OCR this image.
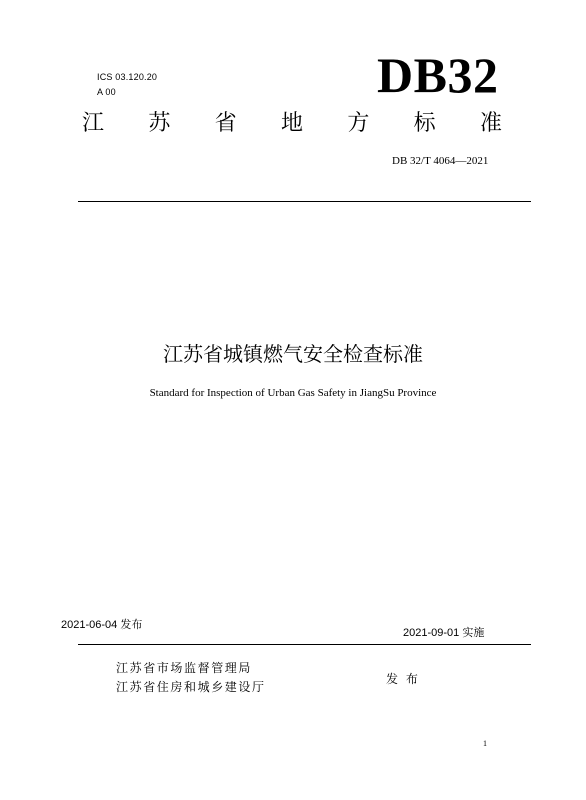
ICS 03.120.20
A 00	DB32
江 苏 省 地 方 标 准
DB 32/T 4064—2021
江苏省城镇燃气安全检查标准
Standard for Inspection of Urban Gas Safety in JiangSu Province
2021-06-04 发布
2021-09-01 实施
江苏省市场监督管理局
江苏省住房和城乡建设厅
发 布
1
